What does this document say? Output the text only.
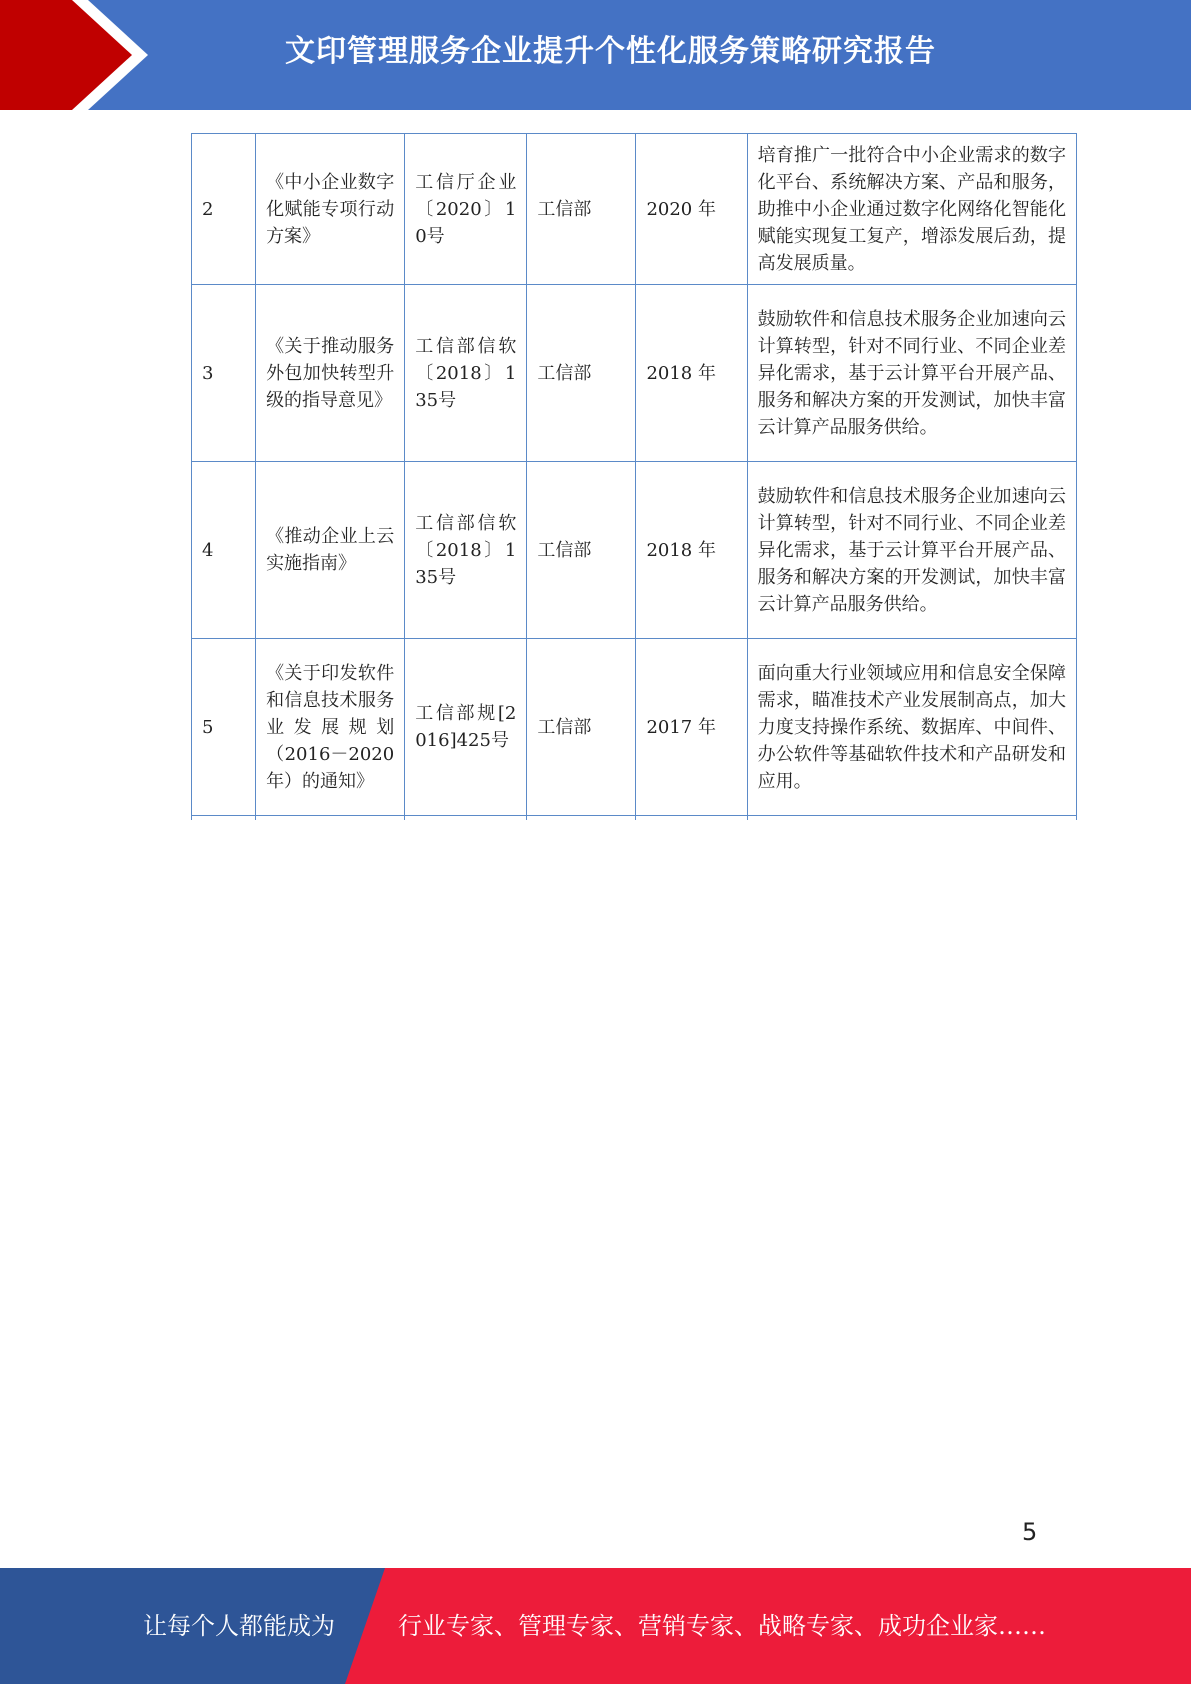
文印管理服务企业提升个性化服务策略研究报告
2	《中小企业数字化赋能专项行动方案》	工信厅企业〔2020〕10号	工信部	2020 年	培育推广一批符合中小企业需求的数字化平台、系统解决方案、产品和服务，助推中小企业通过数字化网络化智能化赋能实现复工复产，增添发展后劲，提高发展质量。
3	《关于推动服务外包加快转型升级的指导意见》	工信部信软〔2018〕135号	工信部	2018 年	鼓励软件和信息技术服务企业加速向云计算转型，针对不同行业、不同企业差异化需求，基于云计算平台开展产品、服务和解决方案的开发测试，加快丰富云计算产品服务供给。
4	《推动企业上云实施指南》	工信部信软〔2018〕135号	工信部	2018 年	鼓励软件和信息技术服务企业加速向云计算转型，针对不同行业、不同企业差异化需求，基于云计算平台开展产品、服务和解决方案的开发测试，加快丰富云计算产品服务供给。
5	《关于印发软件和信息技术服务业发展规划（2016－2020年）的通知》	工信部规[2016]425号	工信部	2017 年	面向重大行业领域应用和信息安全保障需求，瞄准技术产业发展制高点，加大力度支持操作系统、数据库、中间件、办公软件等基础软件技术和产品研发和应用。

5
让每个人都能成为	行业专家、管理专家、营销专家、战略专家、成功企业家……
